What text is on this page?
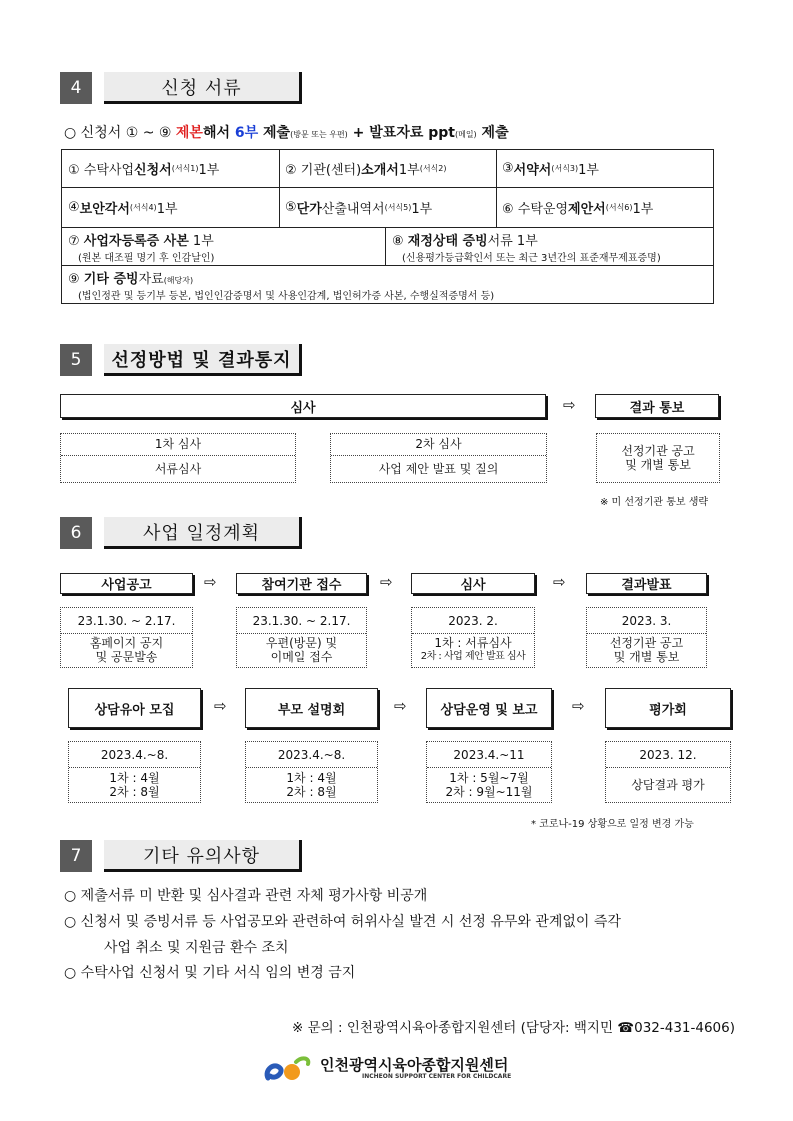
4	신청 서류
○ 신청서 ① ~ ⑨ 제본해서 6부 제출(방문 또는 우편) + 발표자료 ppt(메일) 제출
① 수탁사업 신청서 (서식1) 1부	② 기관(센터) 소개서 1부 (서식2)	③ 서약서 (서식3) 1부
④ 보안각서 (서식4) 1부	⑤ 단가 산출내역서 (서식5) 1부	⑥ 수탁운영 제안서 (서식6) 1부
⑦ 사업자등록증 사본 1부
(원본 대조필 명기 후 인감날인)
⑧ 재정상태 증빙서류 1부
(신용평가등급확인서 또는 최근 3년간의 표준재무제표증명)
⑨ 기타 증빙자료(해당자)
(법인정관 및 등기부 등본, 법인인감증명서 및 사용인감계, 법인허가증 사본, 수행실적증명서 등)
5	선정방법 및 결과통지
심사	⇨	결과 통보
1차 심사
서류심사
2차 심사
사업 제안 발표 및 질의
선정기관 공고
및 개별 통보
※ 미 선정기관 통보 생략
6	사업 일정계획
사업공고	⇨	참여기관 접수	⇨	심사	⇨	결과발표
23.1.30. ~ 2.17.
홈페이지 공지
및 공문발송
23.1.30. ~ 2.17.
우편(방문) 및
이메일 접수
2023. 2.
1차 : 서류심사
2차 : 사업 제안 발표 심사
2023. 3.
선정기관 공고
및 개별 통보
상담유아 모집	⇨	부모 설명회	⇨	상담운영 및 보고	⇨	평가회
2023.4.~8.
1차 : 4월
2차 : 8월
2023.4.~8.
1차 : 4월
2차 : 8월
2023.4.~11
1차 : 5월~7월
2차 : 9월~11월
2023. 12.
상담결과 평가
* 코로나-19 상황으로 일정 변경 가능
7	기타 유의사항
○ 제출서류 미 반환 및 심사결과 관련 자체 평가사항 비공개
○ 신청서 및 증빙서류 등 사업공모와 관련하여 허위사실 발견 시 선정 유무와 관계없이 즉각
사업 취소 및 지원금 환수 조치
○ 수탁사업 신청서 및 기타 서식 임의 변경 금지
※ 문의 : 인천광역시육아종합지원센터 (담당자: 백지민 ☎032-431-4606)
인천광역시육아종합지원센터
INCHEON SUPPORT CENTER FOR CHILDCARE
